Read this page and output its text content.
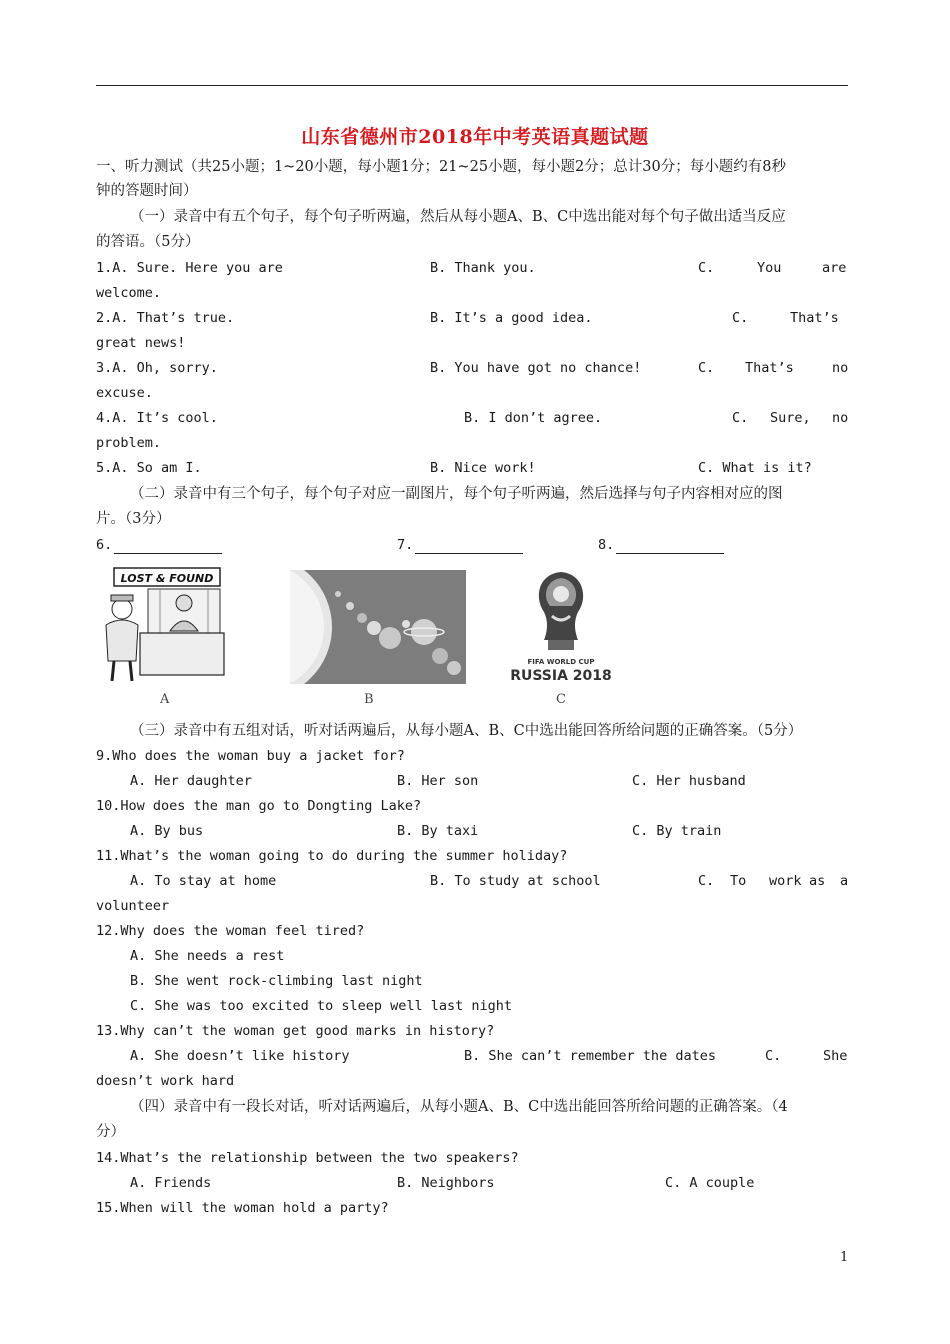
山东省德州市2018年中考英语真题试题
一、听力测试（共25小题；1~20小题，每小题1分；21~25小题，每小题2分；总计30分；每小题约有8秒
钟的答题时间）
（一）录音中有五个句子，每个句子听两遍，然后从每小题A、B、C中选出能对每个句子做出适当反应
的答语。（5分）
1.A. Sure. Here you are	B. Thank you.	C.	You	are
welcome.
2.A. That’s true.	B. It’s a good idea.	C.	That’s
great news!
3.A. Oh, sorry.	B. You have got no chance!	C. That’s	no
excuse.
4.A. It’s cool.	B. I don’t agree.	C. Sure, no
problem.
5.A. So am I.	B. Nice work!	C. What is it?
（二）录音中有三个句子，每个句子对应一副图片，每个句子听两遍，然后选择与句子内容相对应的图
片。（3分）
6.	7.	8.
LOST & FOUND
A	B
FIFA WORLD CUP
RUSSIA 2018
C
（三）录音中有五组对话，听对话两遍后，从每小题A、B、C中选出能回答所给问题的正确答案。（5分）
9.Who does the woman buy a jacket for?
A. Her daughter	B. Her son	C. Her husband
10.How does the man go to Dongting Lake?
A. By bus	B. By taxi	C. By train
11.What’s the woman going to do during the summer holiday?
A. To stay at home	B. To study at school	C. To work as a
volunteer
12.Why does the woman feel tired?
A. She needs a rest
B. She went rock-climbing last night
C. She was too excited to sleep well last night
13.Why can’t the woman get good marks in history?
A. She doesn’t like history	B. She can’t remember the dates	C.	She
doesn’t work hard
（四）录音中有一段长对话，听对话两遍后，从每小题A、B、C中选出能回答所给问题的正确答案。（4
分）
14.What’s the relationship between the two speakers?
A. Friends	B. Neighbors	C. A couple
15.When will the woman hold a party?
1
